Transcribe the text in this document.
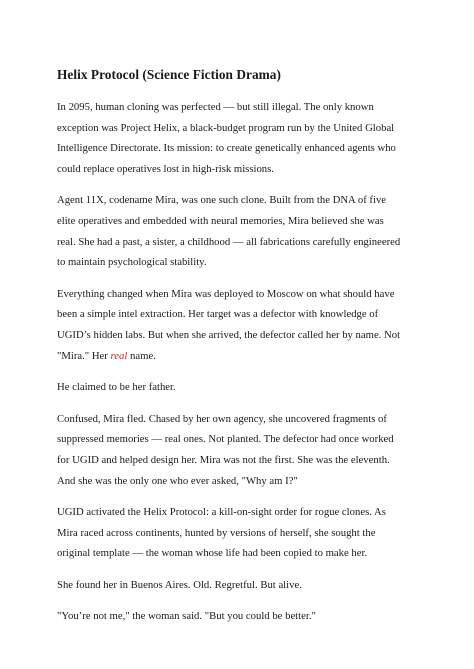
Helix Protocol (Science Fiction Drama)
In 2095, human cloning was perfected — but still illegal. The only known
exception was Project Helix, a black-budget program run by the United Global
Intelligence Directorate. Its mission: to create genetically enhanced agents who
could replace operatives lost in high-risk missions.
Agent 11X, codename Mira, was one such clone. Built from the DNA of five
elite operatives and embedded with neural memories, Mira believed she was
real. She had a past, a sister, a childhood — all fabrications carefully engineered
to maintain psychological stability.
Everything changed when Mira was deployed to Moscow on what should have
been a simple intel extraction. Her target was a defector with knowledge of
UGID’s hidden labs. But when she arrived, the defector called her by name. Not
"Mira." Her real name.
He claimed to be her father.
Confused, Mira fled. Chased by her own agency, she uncovered fragments of
suppressed memories — real ones. Not planted. The defector had once worked
for UGID and helped design her. Mira was not the first. She was the eleventh.
And she was the only one who ever asked, "Why am I?"
UGID activated the Helix Protocol: a kill-on-sight order for rogue clones. As
Mira raced across continents, hunted by versions of herself, she sought the
original template — the woman whose life had been copied to make her.
She found her in Buenos Aires. Old. Regretful. But alive.
"You’re not me," the woman said. "But you could be better."
